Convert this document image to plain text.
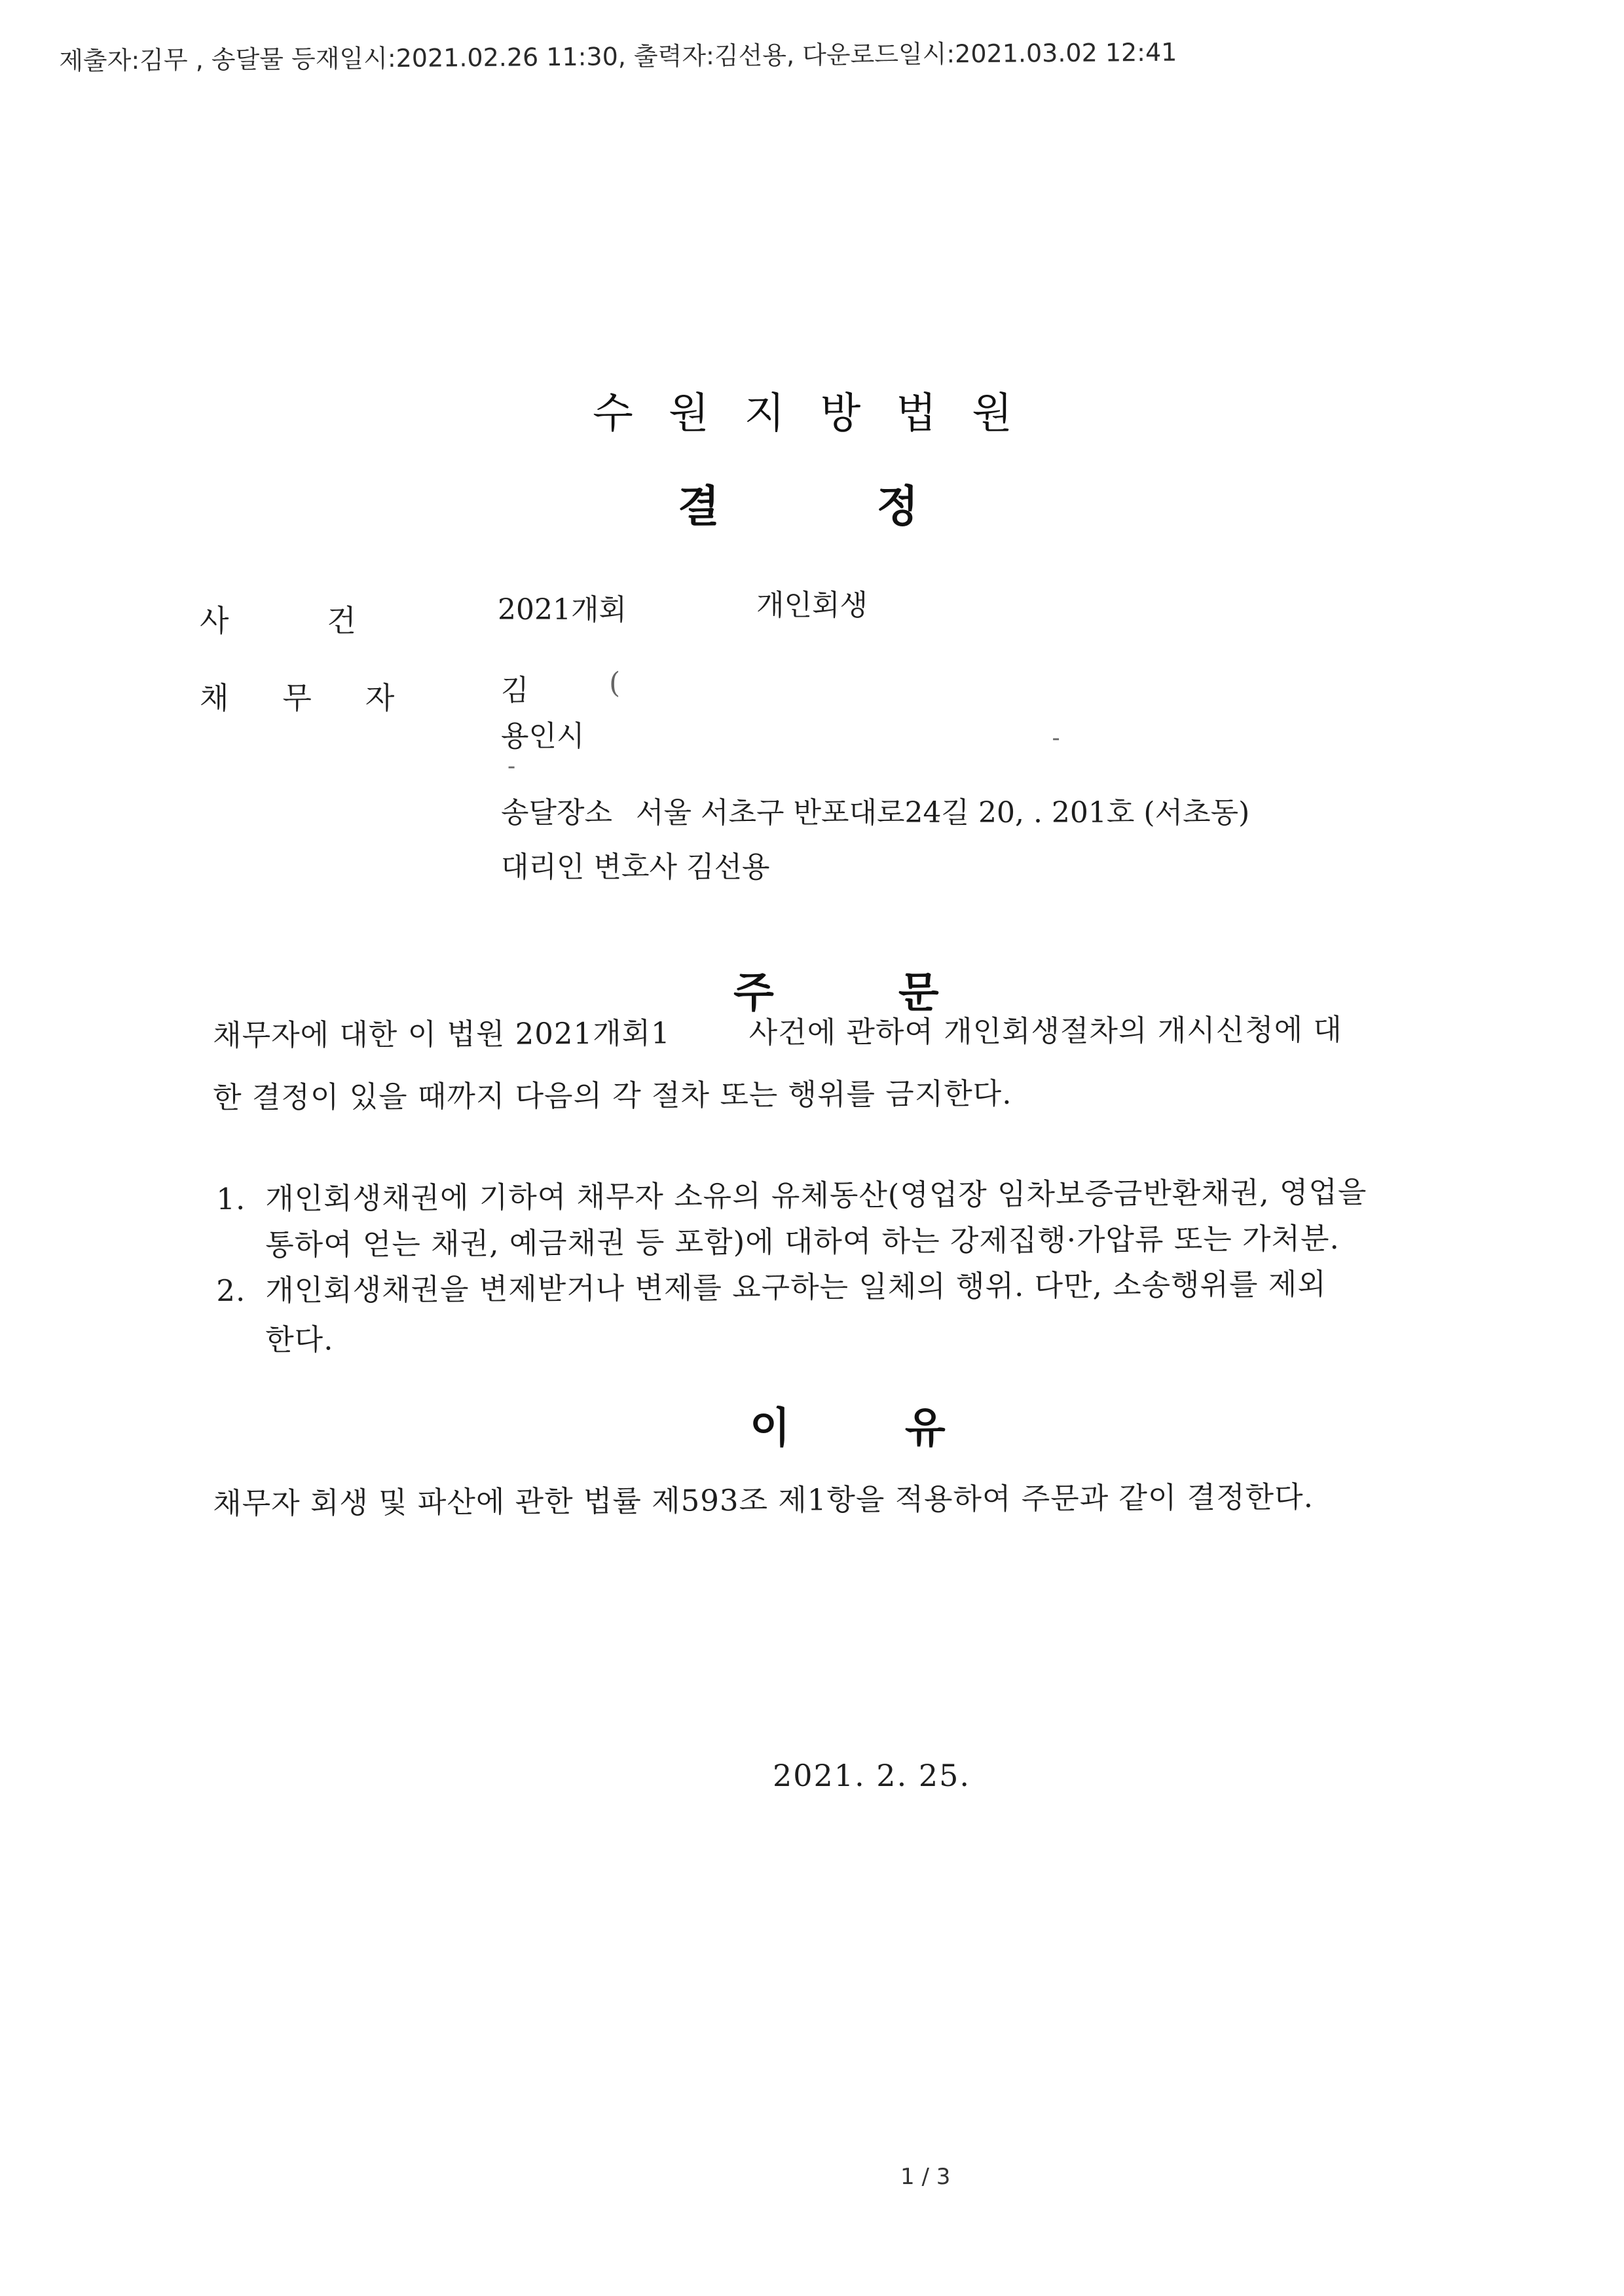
제출자:김무 , 송달물 등재일시:2021.02.26 11:30, 출력자:김선용, 다운로드일시:2021.03.02 12:41
수원지방법원
결정
사건 2021개회	개인회생
채무자 김	(
용인시	-
-
송달장소 서울 서초구 반포대로24길 20, . 201호 (서초동)
대리인 변호사 김선용
주문
채무자에 대한 이 법원 2021개회1	사건에 관하여 개인회생절차의 개시신청에 대
한 결정이 있을 때까지 다음의 각 절차 또는 행위를 금지한다.
1. 개인회생채권에 기하여 채무자 소유의 유체동산(영업장 임차보증금반환채권, 영업을
통하여 얻는 채권, 예금채권 등 포함)에 대하여 하는 강제집행·가압류 또는 가처분.
2. 개인회생채권을 변제받거나 변제를 요구하는 일체의 행위. 다만, 소송행위를 제외
한다.
이유
채무자 회생 및 파산에 관한 법률 제593조 제1항을 적용하여 주문과 같이 결정한다.
2021. 2. 25.
1 / 3
